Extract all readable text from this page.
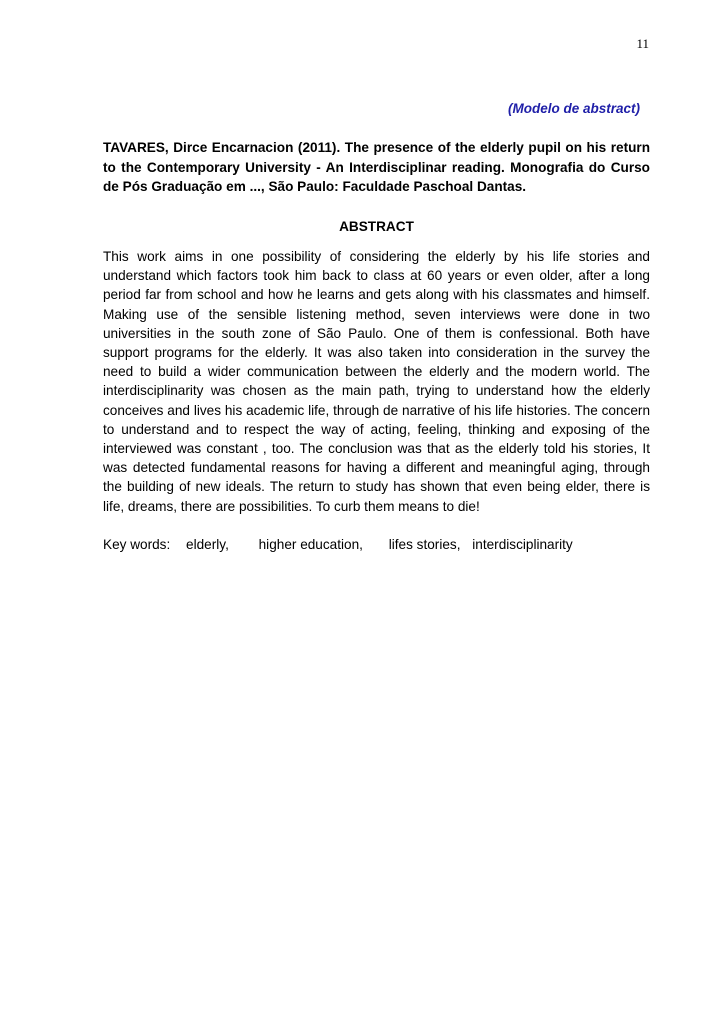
11
(Modelo de abstract)

TAVARES, Dirce Encarnacion (2011). The presence of the elderly pupil on his return to the Contemporary University - An Interdisciplinar reading. Monografia do Curso de Pós Graduação em ..., São Paulo: Faculdade Paschoal Dantas.

ABSTRACT

This work aims in one possibility of considering the elderly by his life stories and understand which factors took him back to class at 60 years or even older, after a long period far from school and how he learns and gets along with his classmates and himself. Making use of the sensible listening method, seven interviews were done in two universities in the south zone of São Paulo. One of them is confessional. Both have support programs for the elderly. It was also taken into consideration in the survey the need to build a wider communication between the elderly and the modern world. The interdisciplinarity was chosen as the main path, trying to understand how the elderly conceives and lives his academic life, through de narrative of his life histories. The concern to understand and to respect the way of acting, feeling, thinking and exposing of the interviewed was constant , too. The conclusion was that as the elderly told his stories, It was detected fundamental reasons for having a different and meaningful aging, through the building of new ideals. The return to study has shown that even being elder, there is life, dreams, there are possibilities. To curb them means to die!

Key words: elderly, higher education, lifes stories, interdisciplinarity
